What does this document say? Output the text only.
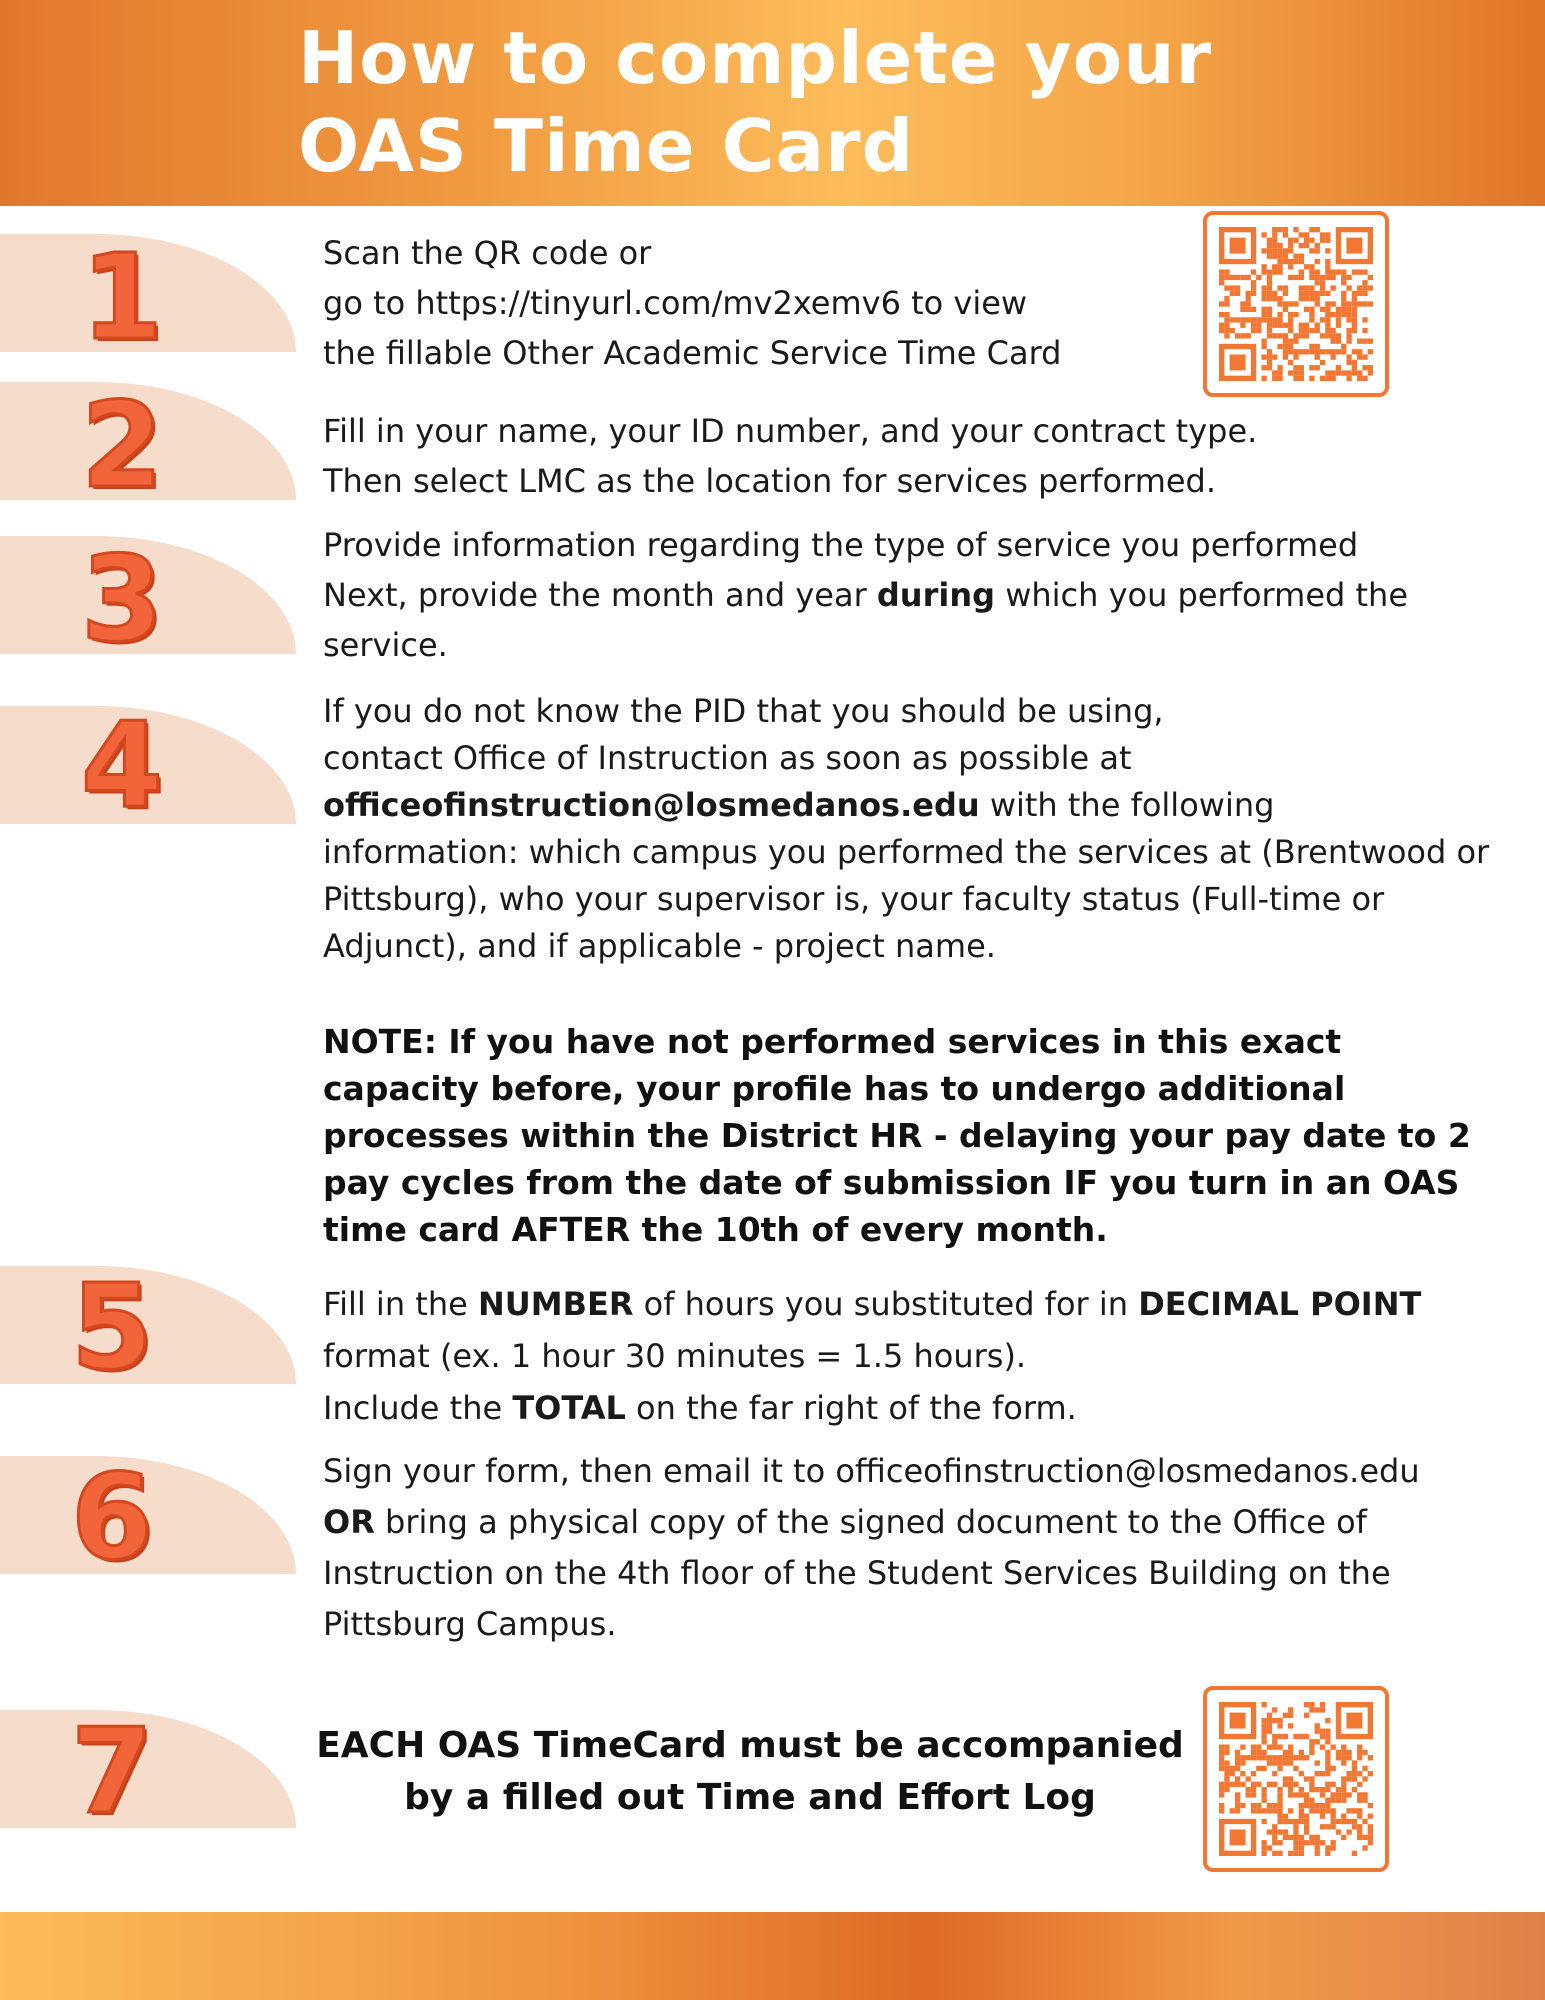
How to complete your
OAS Time Card
1
2
3
4
5
6
7

Scan the QR code or
go to https://tinyurl.com/mv2xemv6 to view
the fillable Other Academic Service Time Card

Fill in your name, your ID number, and your contract type.
Then select LMC as the location for services performed.

Provide information regarding the type of service you performed
Next, provide the month and year during which you performed the
service.

If you do not know the PID that you should be using,
contact Office of Instruction as soon as possible at
officeofinstruction@losmedanos.edu with the following
information: which campus you performed the services at (Brentwood or
Pittsburg), who your supervisor is, your faculty status (Full-time or
Adjunct), and if applicable - project name.

NOTE: If you have not performed services in this exact
capacity before, your profile has to undergo additional
processes within the District HR - delaying your pay date to 2
pay cycles from the date of submission IF you turn in an OAS
time card AFTER the 10th of every month.

Fill in the NUMBER of hours you substituted for in DECIMAL POINT
format (ex. 1 hour 30 minutes = 1.5 hours).
Include the TOTAL on the far right of the form.

Sign your form, then email it to officeofinstruction@losmedanos.edu
OR bring a physical copy of the signed document to the Office of
Instruction on the 4th floor of the Student Services Building on the
Pittsburg Campus.

EACH OAS TimeCard must be accompanied
by a filled out Time and Effort Log
